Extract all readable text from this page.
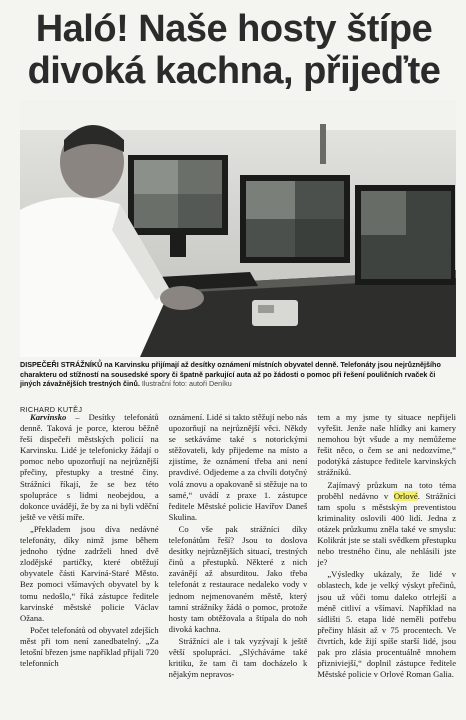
Haló! Naše hosty štípe divoká kachna, přijeďte
DISPEČEŘI STRÁŽNÍKŮ na Karvinsku přijímají až desítky oznámení místních obyvatel denně. Telefonáty jsou nejrůznějšího charakteru od stížností na sousedské spory či špatně parkující auta až po žádosti o pomoc při řešení pouličních rvaček či jiných závažnějších trestných činů. Ilustrační foto: autoři Deníku
RICHARD KUTĚJ

Karvinsko – Desítky telefonátů denně. Taková je porce, kterou běžně řeší dispečeři městských policií na Karvinsku. Lidé je telefonicky žádají o pomoc nebo upozorňují na nejrůznější přečiny, přestupky a trestné činy. Strážníci říkají, že se bez této spolupráce s lidmi neobejdou, a dokonce uvádějí, že by za ni byli vděční ještě ve větší míře.

„Překladem jsou díva nedávné telefonáty, díky nimž jsme během jednoho týdne zadrželi hned dvě zlodějské partičky, které obtěžují obyvatele části Karviná-Staré Město. Bez pomoci všímavých obyvatel by k tomu nedošlo,“ říká zástupce ředitele karvinské městské policie Václav Ožana.

Počet telefonátů od obyvatel zdejších měst při tom není zanedbatelný. „Za letošní březen jsme například přijali 720 telefonních

oznámení. Lidé si takto stěžují nebo nás upozorňují na nejrůznější věci. Někdy se setkáváme také s notorickými stěžovateli, kdy přijedeme na místo a zjistíme, že oznámení třeba ani není pravdivé. Odjedeme a za chvíli dotyčný volá znovu a opakovaně si stěžuje na to samé,“ uvádí z praxe 1. zástupce ředitele Městské policie Havířov Daneš Skulina.

Co vše pak strážníci díky telefonátům řeší? Jsou to doslova desítky nejrůznějších situací, trestných činů a přestupků. Některé z nich zavánějí až absurditou. Jako třeba telefonát z restaurace nedaleko vody v jednom nejmenovaném městě, který tamní strážníky žádá o pomoc, protože hosty tam obtěžovala a štípala do noh divoká kachna.

Strážníci ale i tak vyzývají k ještě větší spolupráci. „Slýcháváme také kritiku, že tam či tam docházelo k nějakým nepravos-

tem a my jsme ty situace nepřijeli vyřešit. Jenže naše hlídky ani kamery nemohou být všude a my nemůžeme řešit něco, o čem se ani nedozvíme,“ podotýká zástupce ředitele karvinských strážníků.

Zajímavý průzkum na toto téma proběhl nedávno v Orlové. Strážníci tam spolu s městským preventistou kriminality oslovili 400 lidí. Jedna z otázek průzkumu zněla také ve smyslu: Kolikrát jste se stali svědkem přestupku nebo trestného činu, ale nehlásili jste je?

„Výsledky ukázaly, že lidé v oblastech, kde je velký výskyt přečinů, jsou už vůči tomu daleko otrlejší a méně citliví a všímaví. Například na sídlišti 5. etapa lidé neměli potřebu přečiny hlásit až v 75 procentech. Ve čtvrtích, kde žijí spíše starší lidé, jsou pak pro zlásia procentuálně mnohem přizniviejší,“ doplnil zástupce ředitele Městské policie v Orlové Roman Galia.
